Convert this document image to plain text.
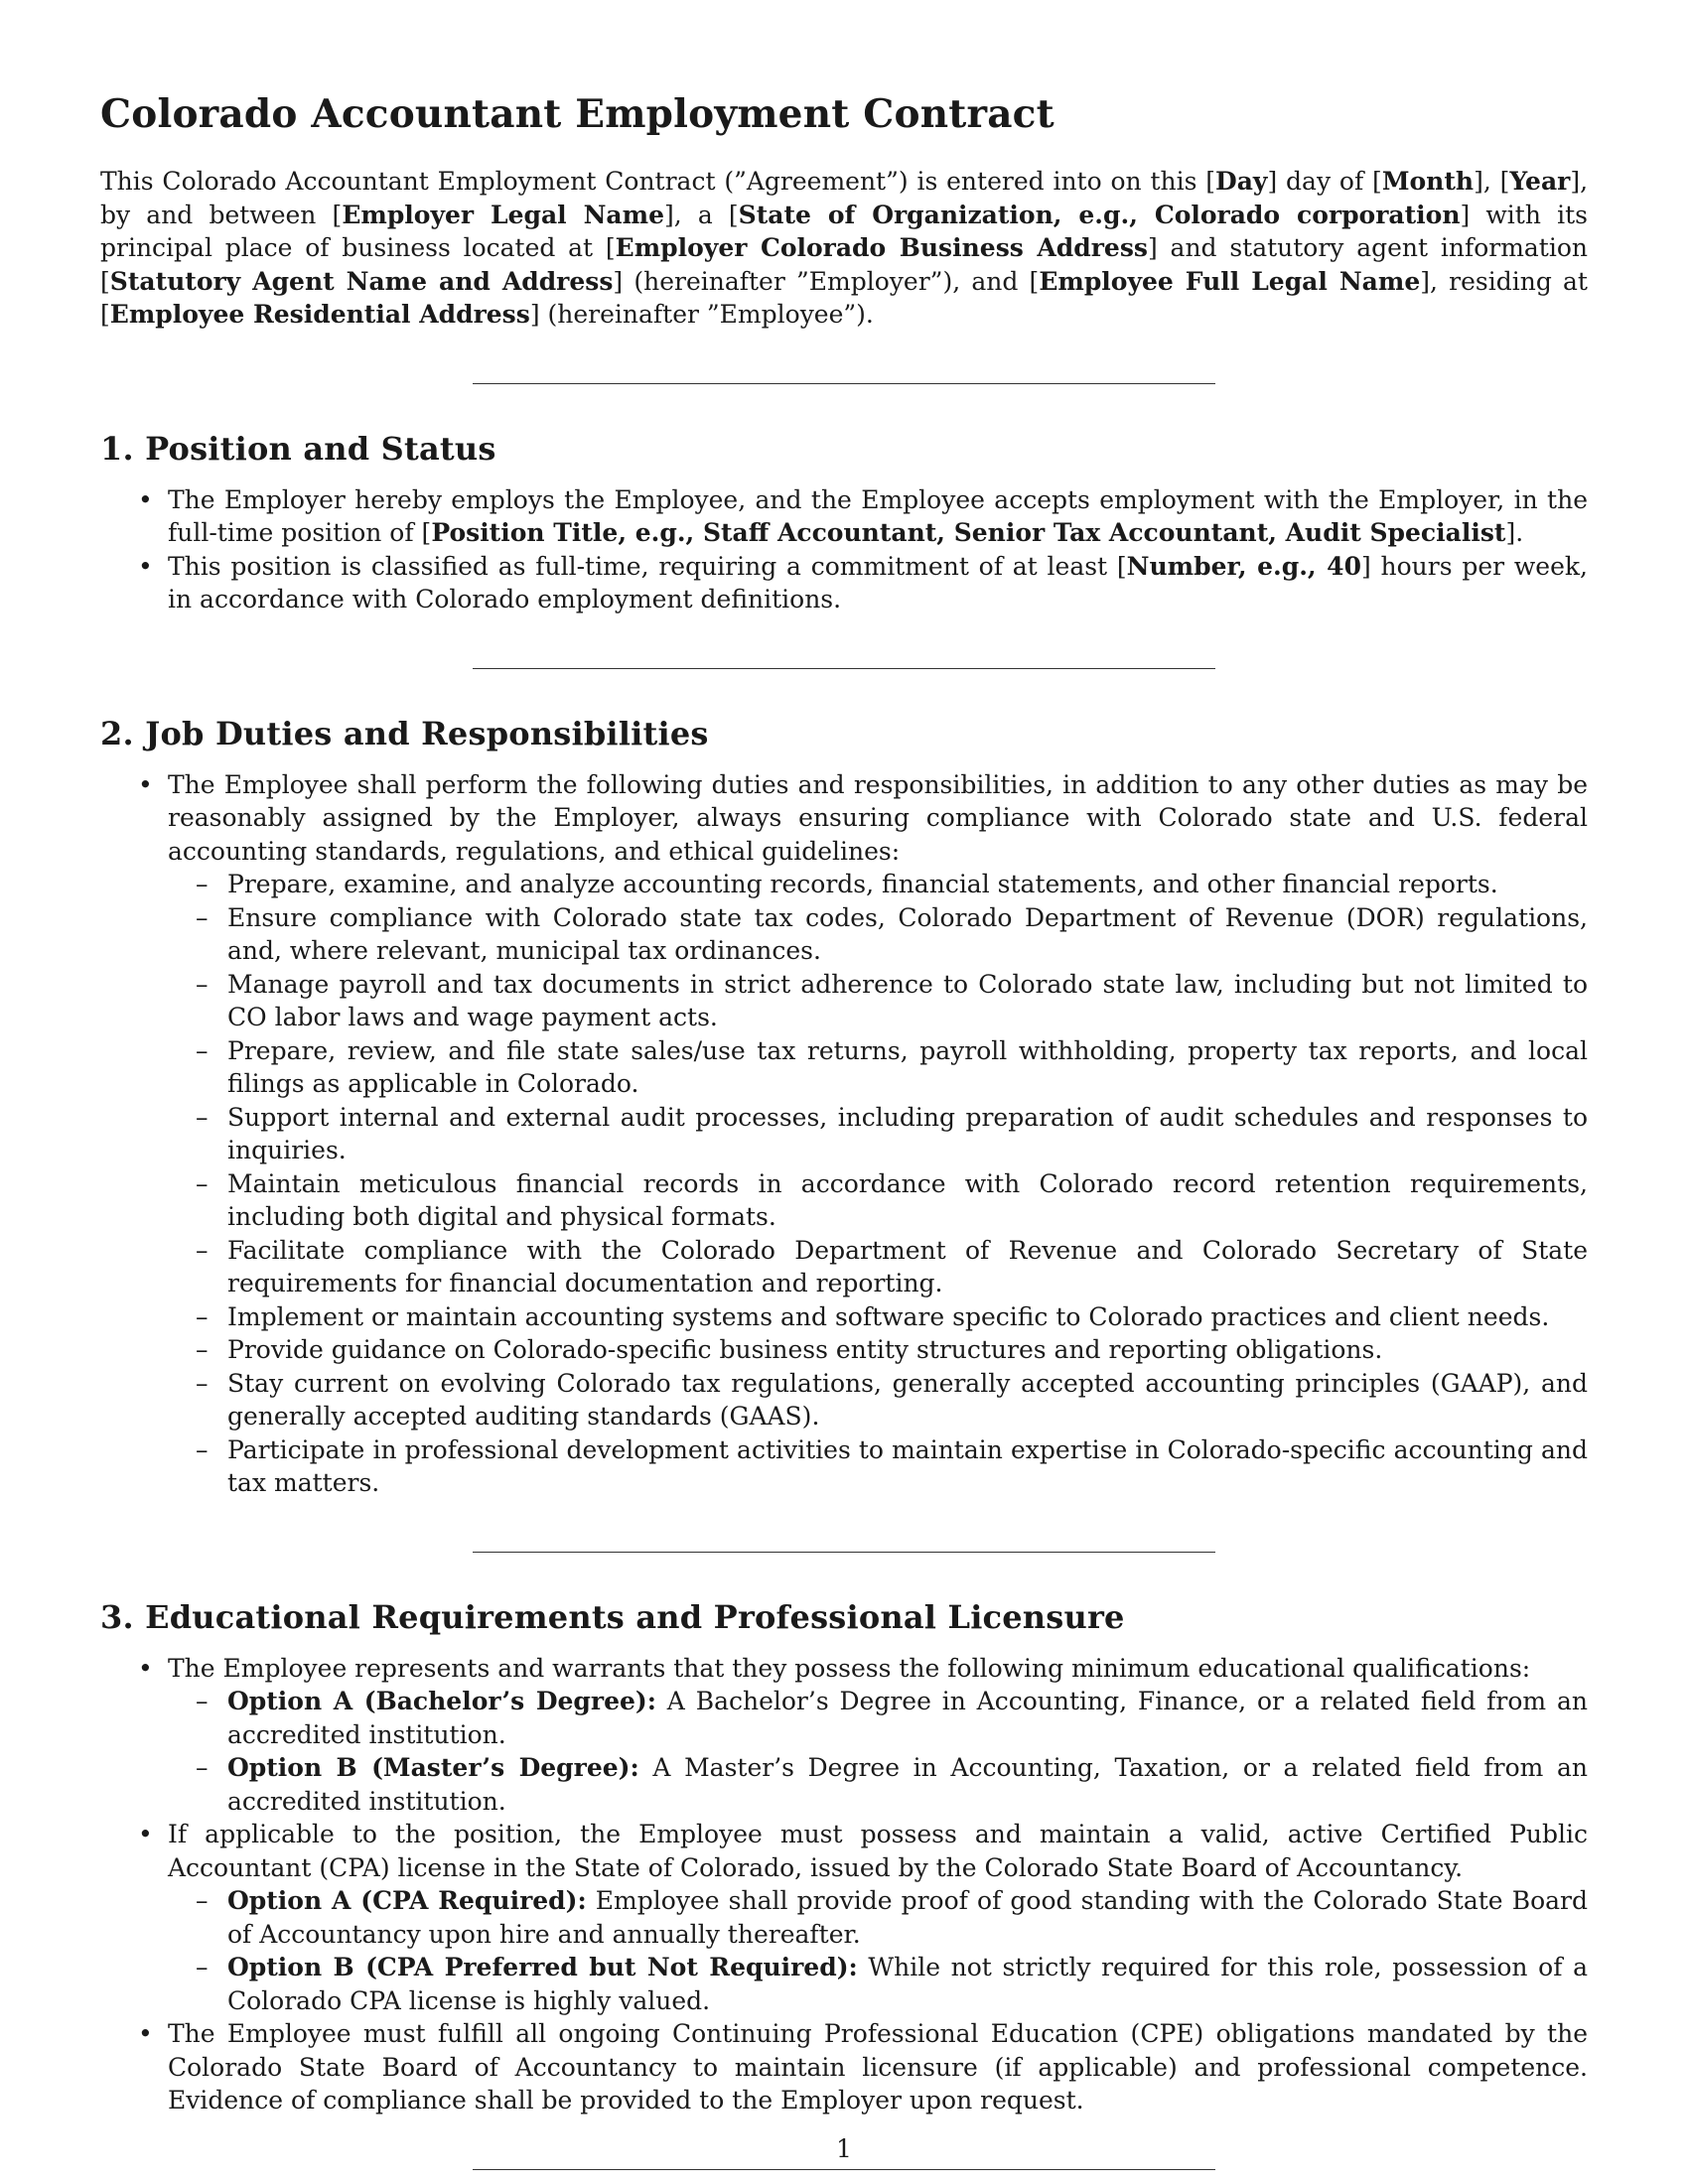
Colorado Accountant Employment Contract

This Colorado Accountant Employment Contract (”Agreement”) is entered into on this [Day] day of [Month], [Year], by and between [Employer Legal Name], a [State of Organization, e.g., Colorado corporation] with its principal place of business located at [Employer Colorado Business Address] and statutory agent information [Statutory Agent Name and Address] (hereinafter ”Employer”), and [Employee Full Legal Name], residing at [Employee Residential Address] (hereinafter ”Employee”).

1. Position and Status
• The Employer hereby employs the Employee, and the Employee accepts employment with the Employer, in the full-time position of [Position Title, e.g., Staff Accountant, Senior Tax Accountant, Audit Specialist].
• This position is classified as full-time, requiring a commitment of at least [Number, e.g., 40] hours per week, in accordance with Colorado employment definitions.
2. Job Duties and Responsibilities
• The Employee shall perform the following duties and responsibilities, in addition to any other duties as may be reasonably assigned by the Employer, always ensuring compliance with Colorado state and U.S. federal accounting standards, regulations, and ethical guidelines:
– Prepare, examine, and analyze accounting records, financial statements, and other financial reports.
– Ensure compliance with Colorado state tax codes, Colorado Department of Revenue (DOR) regulations, and, where relevant, municipal tax ordinances.
– Manage payroll and tax documents in strict adherence to Colorado state law, including but not limited to CO labor laws and wage payment acts.
– Prepare, review, and file state sales/use tax returns, payroll withholding, property tax reports, and local filings as applicable in Colorado.
– Support internal and external audit processes, including preparation of audit schedules and responses to inquiries.
– Maintain meticulous financial records in accordance with Colorado record retention requirements, including both digital and physical formats.
– Facilitate compliance with the Colorado Department of Revenue and Colorado Secretary of State requirements for financial documentation and reporting.
– Implement or maintain accounting systems and software specific to Colorado practices and client needs.
– Provide guidance on Colorado-specific business entity structures and reporting obligations.
– Stay current on evolving Colorado tax regulations, generally accepted accounting principles (GAAP), and generally accepted auditing standards (GAAS).
– Participate in professional development activities to maintain expertise in Colorado-specific accounting and tax matters.
3. Educational Requirements and Professional Licensure
• The Employee represents and warrants that they possess the following minimum educational qualifications:
– Option A (Bachelor’s Degree): A Bachelor’s Degree in Accounting, Finance, or a related field from an accredited institution.
– Option B (Master’s Degree): A Master’s Degree in Accounting, Taxation, or a related field from an accredited institution.
• If applicable to the position, the Employee must possess and maintain a valid, active Certified Public Accountant (CPA) license in the State of Colorado, issued by the Colorado State Board of Accountancy.
– Option A (CPA Required): Employee shall provide proof of good standing with the Colorado State Board of Accountancy upon hire and annually thereafter.
– Option B (CPA Preferred but Not Required): While not strictly required for this role, possession of a Colorado CPA license is highly valued.
• The Employee must fulfill all ongoing Continuing Professional Education (CPE) obligations mandated by the Colorado State Board of Accountancy to maintain licensure (if applicable) and professional competence. Evidence of compliance shall be provided to the Employer upon request.
1
